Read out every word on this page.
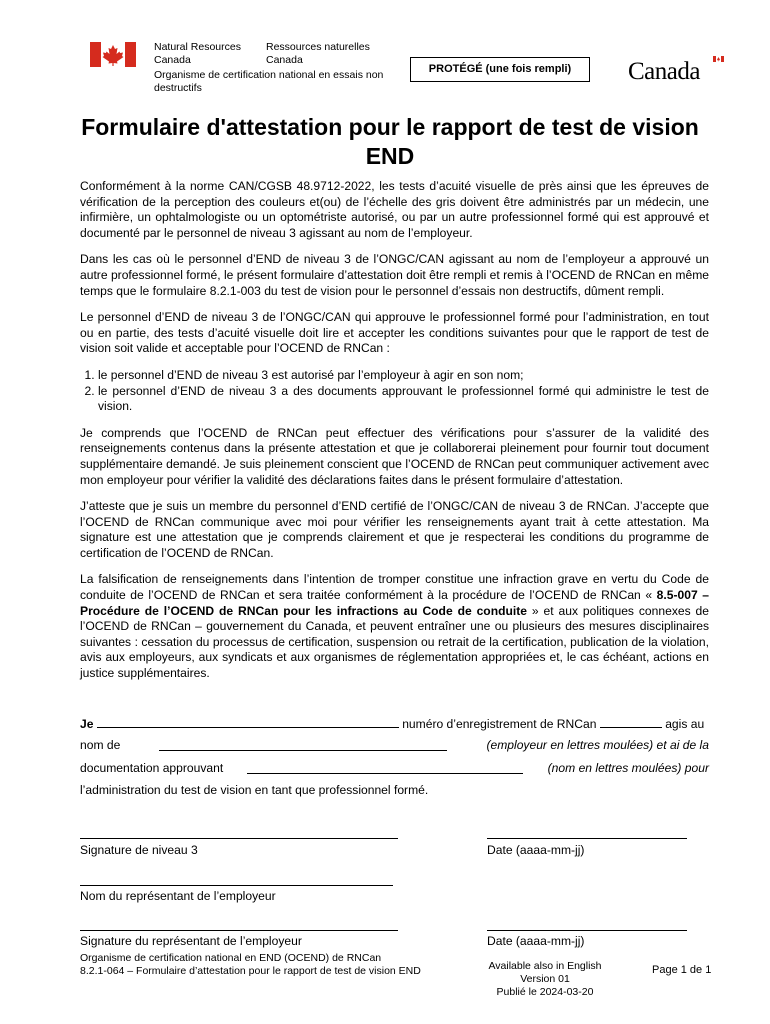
Natural Resources	Ressources naturelles
Canada	Canada
Organisme de certification national en essais non destructifs
PROTÉGÉ (une fois rempli)	Canada
Formulaire d'attestation pour le rapport de test de vision END

Conformément à la norme CAN/CGSB 48.9712-2022, les tests d’acuité visuelle de près ainsi que les épreuves de vérification de la perception des couleurs et(ou) de l’échelle des gris doivent être administrés par un médecin, une infirmière, un ophtalmologiste ou un optométriste autorisé, ou par un autre professionnel formé qui est approuvé et documenté par le personnel de niveau 3 agissant au nom de l’employeur.

Dans les cas où le personnel d’END de niveau 3 de l’ONGC/CAN agissant au nom de l’employeur a approuvé un autre professionnel formé, le présent formulaire d’attestation doit être rempli et remis à l’OCEND de RNCan en même temps que le formulaire 8.2.1-003 du test de vision pour le personnel d’essais non destructifs, dûment rempli.

Le personnel d’END de niveau 3 de l’ONGC/CAN qui approuve le professionnel formé pour l’administration, en tout ou en partie, des tests d’acuité visuelle doit lire et accepter les conditions suivantes pour que le rapport de test de vision soit valide et acceptable pour l’OCEND de RNCan :

1. le personnel d’END de niveau 3 est autorisé par l’employeur à agir en son nom;
2. le personnel d’END de niveau 3 a des documents approuvant le professionnel formé qui administre le test de vision.

Je comprends que l’OCEND de RNCan peut effectuer des vérifications pour s’assurer de la validité des renseignements contenus dans la présente attestation et que je collaborerai pleinement pour fournir tout document supplémentaire demandé. Je suis pleinement conscient que l’OCEND de RNCan peut communiquer activement avec mon employeur pour vérifier la validité des déclarations faites dans le présent formulaire d’attestation.

J’atteste que je suis un membre du personnel d’END certifié de l’ONGC/CAN de niveau 3 de RNCan. J’accepte que l’OCEND de RNCan communique avec moi pour vérifier les renseignements ayant trait à cette attestation. Ma signature est une attestation que je comprends clairement et que je respecterai les conditions du programme de certification de l’OCEND de RNCan.

La falsification de renseignements dans l’intention de tromper constitue une infraction grave en vertu du Code de conduite de l’OCEND de RNCan et sera traitée conformément à la procédure de l’OCEND de RNCan « 8.5-007 – Procédure de l’OCEND de RNCan pour les infractions au Code de conduite » et aux politiques connexes de l’OCEND de RNCan – gouvernement du Canada, et peuvent entraîner une ou plusieurs des mesures disciplinaires suivantes : cessation du processus de certification, suspension ou retrait de la certification, publication de la violation, avis aux employeurs, aux syndicats et aux organismes de réglementation appropriées et, le cas échéant, actions en justice supplémentaires.

Je	numéro d’enregistrement de RNCan	agis au
nom de	(employeur en lettres moulées) et ai de la
documentation approuvant	(nom en lettres moulées) pour
l’administration du test de vision en tant que professionnel formé.
Signature de niveau 3	Date (aaaa-mm-jj)
Nom du représentant de l’employeur
Signature du représentant de l’employeur	Date (aaaa-mm-jj)
Organisme de certification national en END (OCEND) de RNCan
8.2.1-064 – Formulaire d’attestation pour le rapport de test de vision END	Available also in English
Version 01
Publié le 2024-03-20
Page 1 de 1
